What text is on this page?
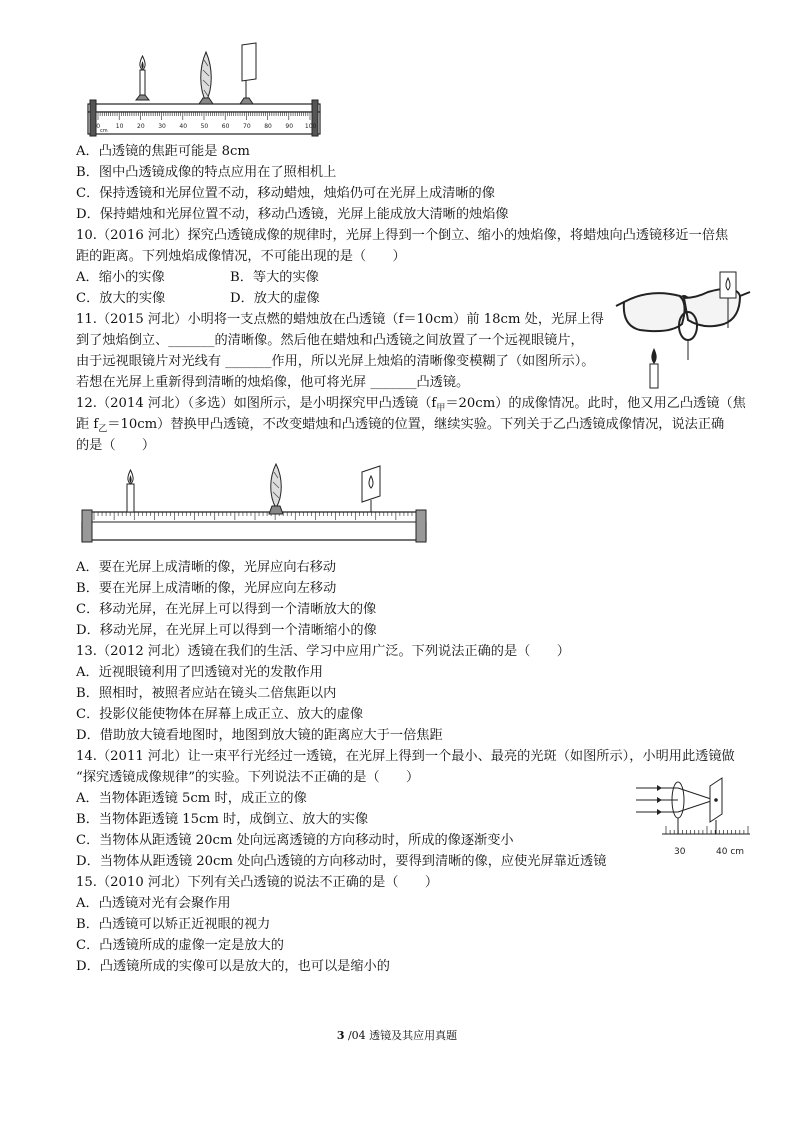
0	10 20 30 40 50 60 70 80 90 100
cm
A．凸透镜的焦距可能是 8cm
B．图中凸透镜成像的特点应用在了照相机上
C．保持透镜和光屏位置不动，移动蜡烛，烛焰仍可在光屏上成清晰的像
D．保持蜡烛和光屏位置不动，移动凸透镜，光屏上能成放大清晰的烛焰像
10.（2016 河北）探究凸透镜成像的规律时，光屏上得到一个倒立、缩小的烛焰像，将蜡烛向凸透镜移近一倍焦
距的距离。下列烛焰成像情况，不可能出现的是（　　）
A．缩小的实像	B．等大的实像
C．放大的实像	D．放大的虚像
11.（2015 河北）小明将一支点燃的蜡烛放在凸透镜（f＝10cm）前 18cm 处，光屏上得
到了烛焰倒立、_______的清晰像。然后他在蜡烛和凸透镜之间放置了一个远视眼镜片，
由于远视眼镜片对光线有 _______作用，所以光屏上烛焰的清晰像变模糊了（如图所示）。
若想在光屏上重新得到清晰的烛焰像，他可将光屏 _______凸透镜。
12.（2014 河北）（多选）如图所示，是小明探究甲凸透镜$(f_甲=20cm)$的成像情况。此时，他又用乙凸透镜（焦
距 $f_乙=10cm$）替换甲凸透镜，不改变蜡烛和凸透镜的位置，继续实验。下列关于乙凸透镜成像情况，说法正确
的是（　　）
A．要在光屏上成清晰的像，光屏应向右移动
B．要在光屏上成清晰的像，光屏应向左移动
C．移动光屏，在光屏上可以得到一个清晰放大的像
D．移动光屏，在光屏上可以得到一个清晰缩小的像
13.（2012 河北）透镜在我们的生活、学习中应用广泛。下列说法正确的是（　　）
A．近视眼镜利用了凹透镜对光的发散作用
B．照相时，被照者应站在镜头二倍焦距以内
C．投影仪能使物体在屏幕上成正立、放大的虚像
D．借助放大镜看地图时，地图到放大镜的距离应大于一倍焦距
14.（2011 河北）让一束平行光经过一透镜，在光屏上得到一个最小、最亮的光斑（如图所示），小明用此透镜做
“探究透镜成像规律”的实验。下列说法不正确的是（　　）
A．当物体距透镜 5cm 时，成正立的像
B．当物体距透镜 15cm 时，成倒立、放大的实像
C．当物体从距透镜 20cm 处向远离透镜的方向移动时，所成的像逐渐变小
D．当物体从距透镜 20cm 处向凸透镜的方向移动时，要得到清晰的像，应使光屏靠近透镜
30	40 cm
15.（2010 河北）下列有关凸透镜的说法不正确的是（　　）
A．凸透镜对光有会聚作用
B．凸透镜可以矫正近视眼的视力
C．凸透镜所成的虚像一定是放大的
D．凸透镜所成的实像可以是放大的，也可以是缩小的
3 /04 透镜及其应用真题
